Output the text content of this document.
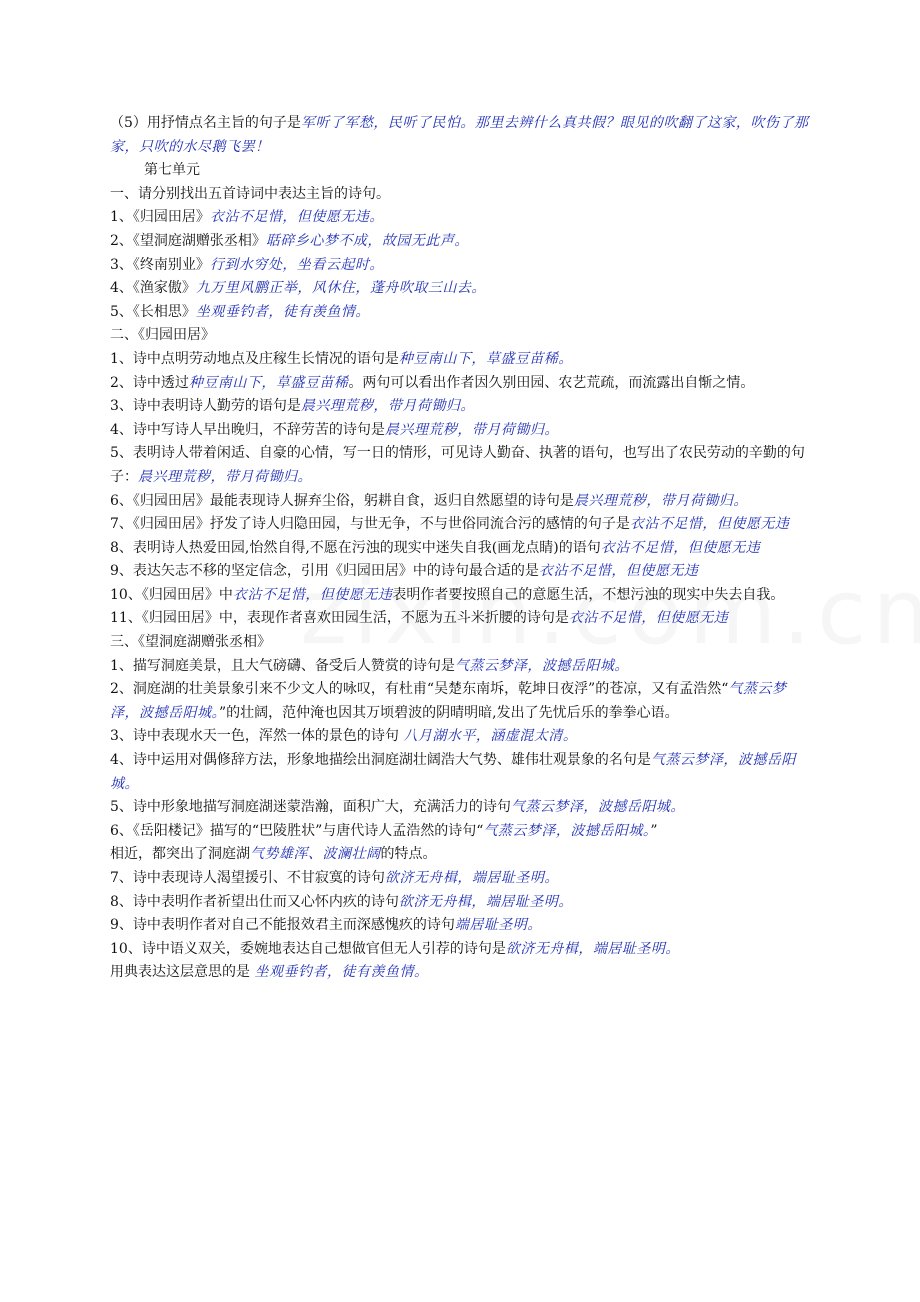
（5）用抒情点名主旨的句子是军听了军愁，民听了民怕。那里去辨什么真共假？眼见的吹翻了这家，吹伤了那家，只吹的水尽鹅飞罢！

第七单元

一、请分别找出五首诗词中表达主旨的诗句。

1、《归园田居》衣沾不足惜，但使愿无违。

2、《望洞庭湖赠张丞相》聒碎乡心梦不成，故园无此声。

3、《终南别业》行到水穷处，坐看云起时。

4、《渔家傲》九万里风鹏正举，风休住，蓬舟吹取三山去。

5、《长相思》坐观垂钓者，徒有羡鱼情。

二、《归园田居》

1、诗中点明劳动地点及庄稼生长情况的语句是种豆南山下，草盛豆苗稀。

2、诗中透过种豆南山下，草盛豆苗稀。两句可以看出作者因久别田园、农艺荒疏，而流露出自惭之情。

3、诗中表明诗人勤劳的语句是晨兴理荒秽，带月荷锄归。

4、诗中写诗人早出晚归，不辞劳苦的诗句是晨兴理荒秽，带月荷锄归。

5、表明诗人带着闲适、自豪的心情，写一日的情形，可见诗人勤奋、执著的语句，也写出了农民劳动的辛勤的句子：晨兴理荒秽，带月荷锄归。

6、《归园田居》最能表现诗人摒弃尘俗，躬耕自食，返归自然愿望的诗句是晨兴理荒秽，带月荷锄归。

7、《归园田居》抒发了诗人归隐田园，与世无争，不与世俗同流合污的感情的句子是衣沾不足惜，但使愿无违

8、表明诗人热爱田园,怡然自得,不愿在污浊的现实中迷失自我(画龙点睛)的语句衣沾不足惜，但使愿无违

9、表达矢志不移的坚定信念，引用《归园田居》中的诗句最合适的是衣沾不足惜，但使愿无违

10、《归园田居》中衣沾不足惜，但使愿无违表明作者要按照自己的意愿生活，不想污浊的现实中失去自我。

11、《归园田居》中，表现作者喜欢田园生活，不愿为五斗米折腰的诗句是衣沾不足惜，但使愿无违

三、《望洞庭湖赠张丞相》

1、描写洞庭美景，且大气磅礴、备受后人赞赏的诗句是气蒸云梦泽，波撼岳阳城。

2、洞庭湖的壮美景象引来不少文人的咏叹，有杜甫“吴楚东南坼，乾坤日夜浮”的苍凉，又有孟浩然“气蒸云梦泽，波撼岳阳城。”的壮阔，范仲淹也因其万顷碧波的阴晴明暗,发出了先忧后乐的拳拳心语。

3、诗中表现水天一色，浑然一体的景色的诗句 八月湖水平，涵虚混太清。

4、诗中运用对偶修辞方法，形象地描绘出洞庭湖壮阔浩大气势、雄伟壮观景象的名句是气蒸云梦泽，波撼岳阳城。

5、诗中形象地描写洞庭湖迷蒙浩瀚，面积广大，充满活力的诗句气蒸云梦泽，波撼岳阳城。

6、《岳阳楼记》描写的“巴陵胜状”与唐代诗人孟浩然的诗句“气蒸云梦泽，波撼岳阳城。”

相近，都突出了洞庭湖气势雄浑、波澜壮阔的特点。

7、诗中表现诗人渴望援引、不甘寂寞的诗句欲济无舟楫，端居耻圣明。

8、诗中表明作者祈望出仕而又心怀内疚的诗句欲济无舟楫，端居耻圣明。

9、诗中表明作者对自己不能报效君主而深感愧疚的诗句端居耻圣明。

10、诗中语义双关，委婉地表达自己想做官但无人引荐的诗句是欲济无舟楫，端居耻圣明。

用典表达这层意思的是 坐观垂钓者，徒有羡鱼情。
